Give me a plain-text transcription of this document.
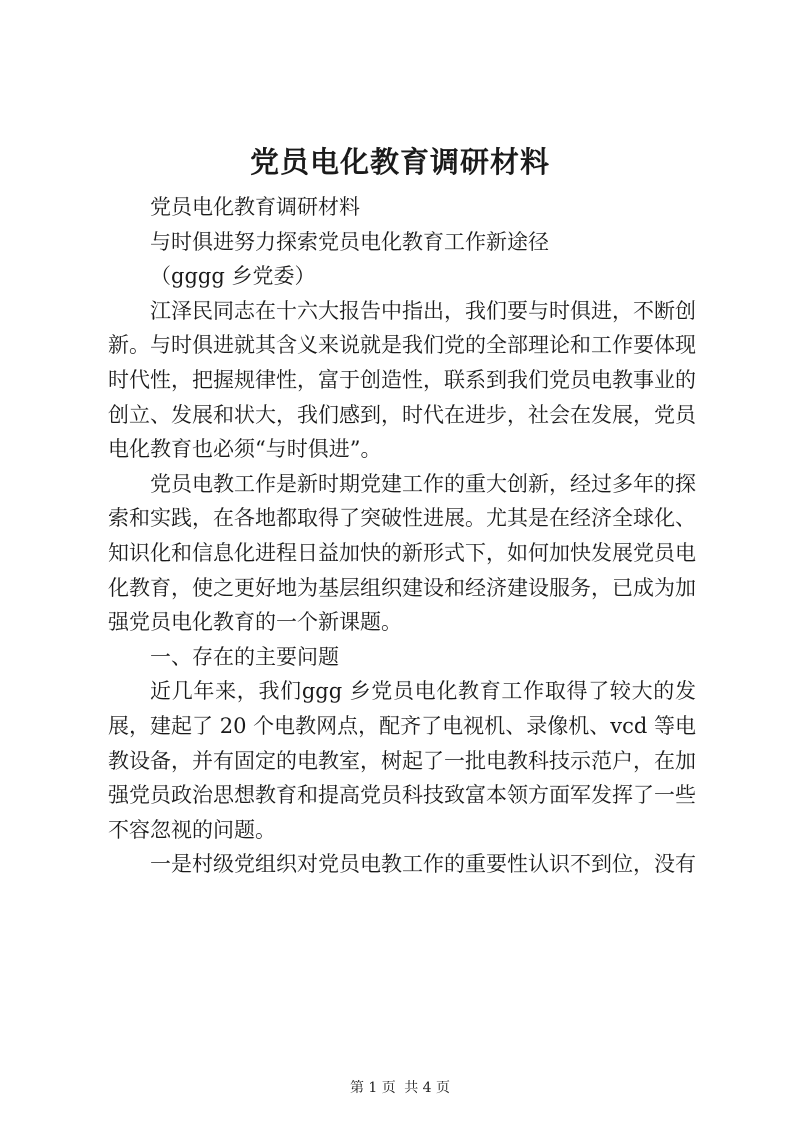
党员电化教育调研材料

党员电化教育调研材料

与时俱进努力探索党员电化教育工作新途径

（gggg 乡党委）

江泽民同志在十六大报告中指出，我们要与时俱进，不断创新。与时俱进就其含义来说就是我们党的全部理论和工作要体现时代性，把握规律性，富于创造性，联系到我们党员电教事业的创立、发展和状大，我们感到，时代在进步，社会在发展，党员电化教育也必须“与时俱进”。

党员电教工作是新时期党建工作的重大创新，经过多年的探索和实践，在各地都取得了突破性进展。尤其是在经济全球化、知识化和信息化进程日益加快的新形式下，如何加快发展党员电化教育，使之更好地为基层组织建设和经济建设服务，已成为加强党员电化教育的一个新课题。

一、存在的主要问题

近几年来，我们ggg 乡党员电化教育工作取得了较大的发展，建起了 20 个电教网点，配齐了电视机、录像机、vcd 等电教设备，并有固定的电教室，树起了一批电教科技示范户，在加强党员政治思想教育和提高党员科技致富本领方面军发挥了一些不容忽视的问题。

一是村级党组织对党员电教工作的重要性认识不到位，没有

第 1 页 共 4 页
